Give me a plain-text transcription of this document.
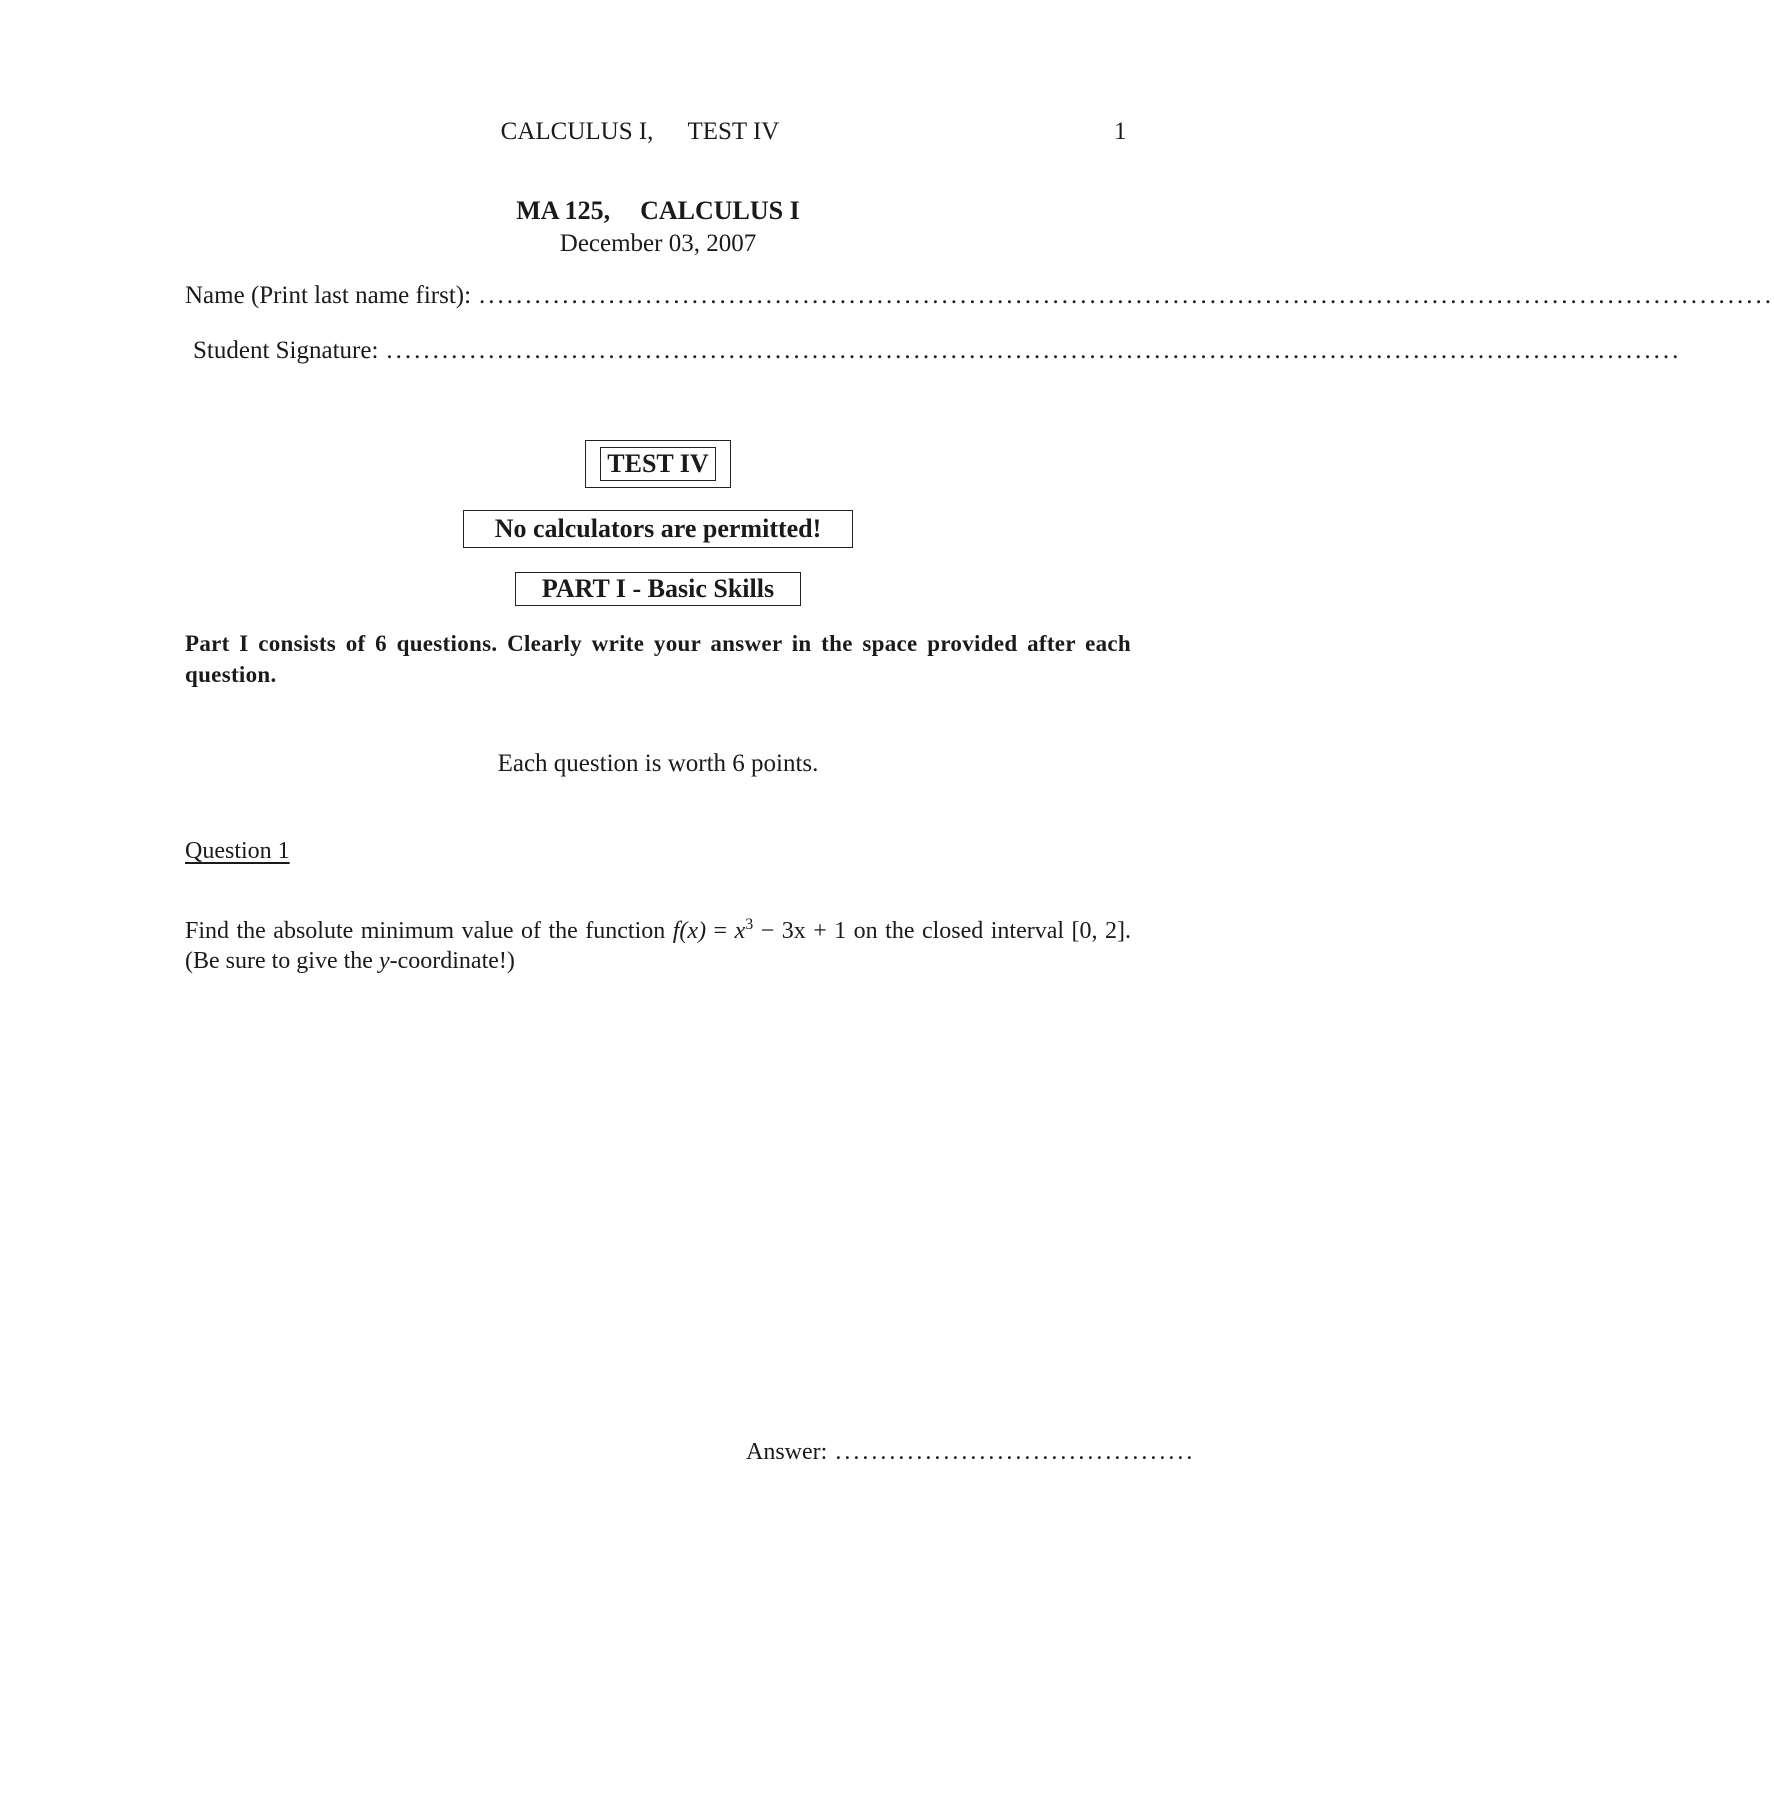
CALCULUS I, TEST IV	1
MA 125, CALCULUS I
December 03, 2007
Name (Print last name first): ............................................................................................................................................
Student Signature: ............................................................................................................................................
TEST IV
No calculators are permitted!
PART I - Basic Skills
Part I consists of 6 questions. Clearly write your answer in the space provided after each question.
Each question is worth 6 points.
Question 1
Find the absolute minimum value of the function $f(x) = x^3 - 3x + 1$ on the closed interval [0, 2]. (Be sure to give the y-coordinate!)
Answer: ........................................
